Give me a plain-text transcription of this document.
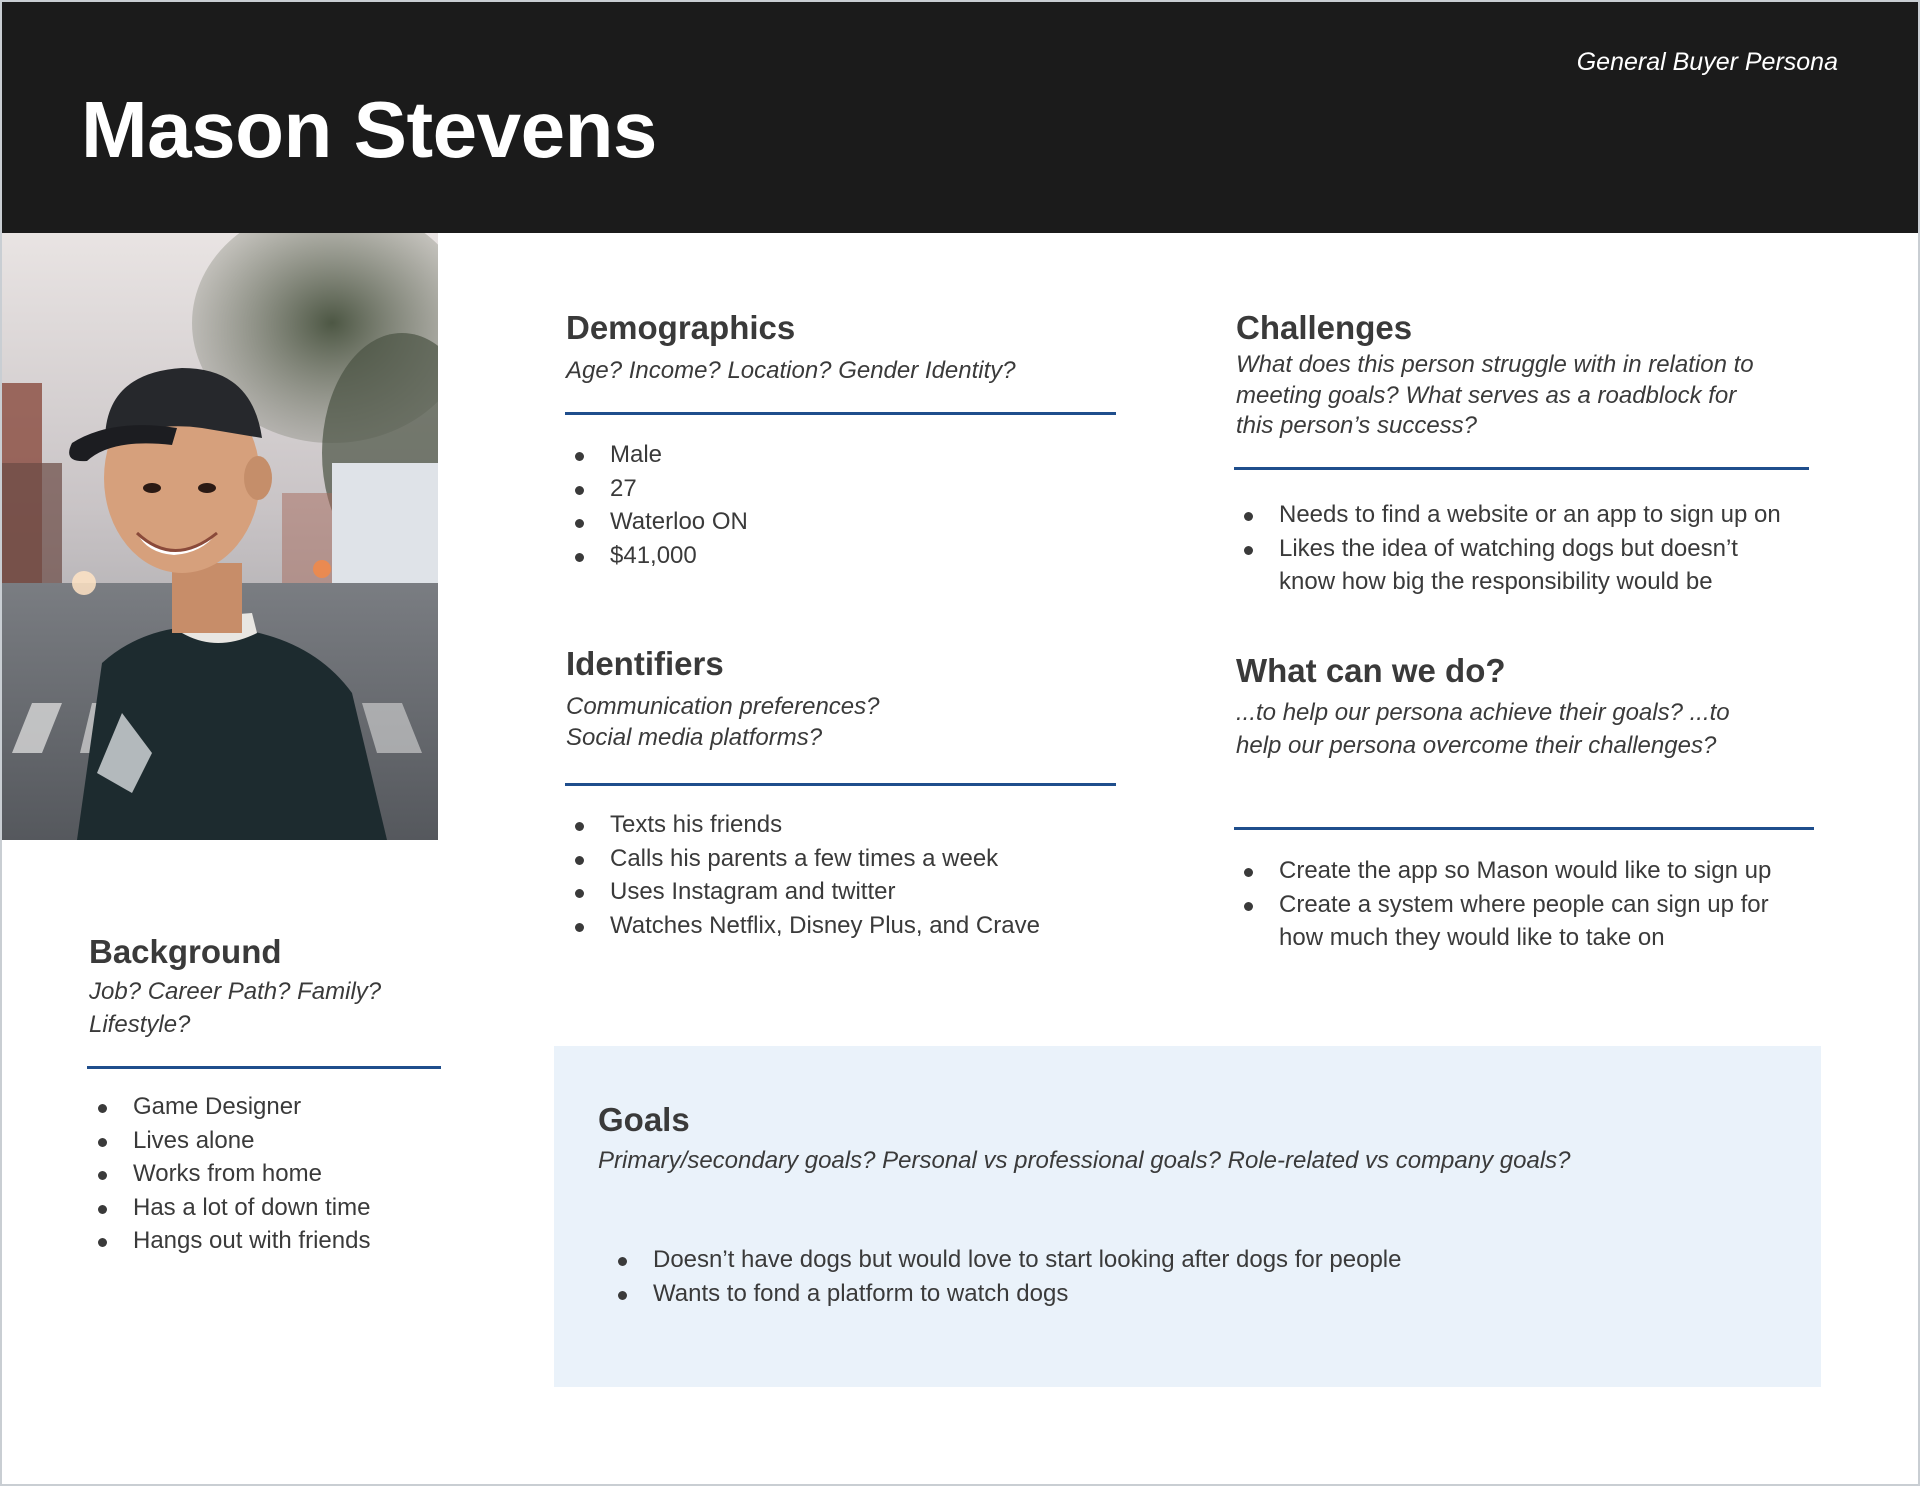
Mason Stevens
General Buyer Persona
Demographics
Age? Income? Location? Gender Identity?
Male
27
Waterloo ON
$41,000
Identifiers
Communication preferences?
Social media platforms?
Texts his friends
Calls his parents a few times a week
Uses Instagram and twitter
Watches Netflix, Disney Plus, and Crave
Challenges
What does this person struggle with in relation to
meeting goals? What serves as a roadblock for
this person’s success?
Needs to find a website or an app to sign up on
Likes the idea of watching dogs but doesn’t
know how big the responsibility would be
What can we do?
...to help our persona achieve their goals? ...to
help our persona overcome their challenges?
Create the app so Mason would like to sign up
Create a system where people can sign up for
how much they would like to take on
Background
Job? Career Path? Family?
Lifestyle?
Game Designer
Lives alone
Works from home
Has a lot of down time
Hangs out with friends
Goals
Primary/secondary goals? Personal vs professional goals? Role-related vs company goals?
Doesn’t have dogs but would love to start looking after dogs for people
Wants to fond a platform to watch dogs
